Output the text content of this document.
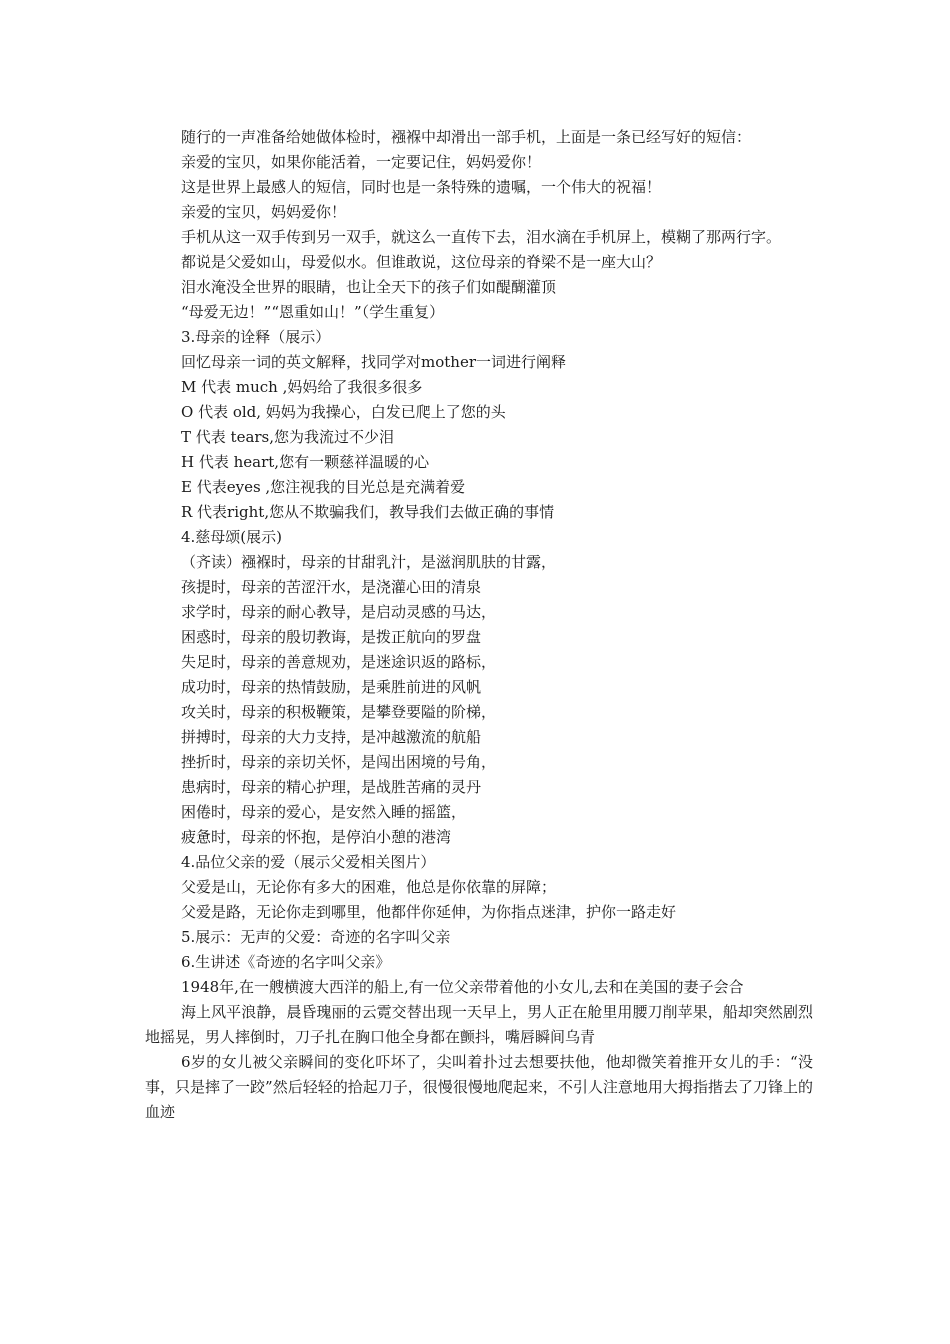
随行的一声准备给她做体检时，襁褓中却滑出一部手机，上面是一条已经写好的短信：

亲爱的宝贝，如果你能活着，一定要记住，妈妈爱你！

这是世界上最感人的短信，同时也是一条特殊的遗嘱，一个伟大的祝福！

亲爱的宝贝，妈妈爱你！

手机从这一双手传到另一双手，就这么一直传下去，泪水滴在手机屏上，模糊了那两行字。

都说是父爱如山，母爱似水。但谁敢说，这位母亲的脊梁不是一座大山？

泪水淹没全世界的眼睛，也让全天下的孩子们如醍醐灌顶

“母爱无边！”“恩重如山！”（学生重复）

3.母亲的诠释（展示）

回忆母亲一词的英文解释，找同学对mother一词进行阐释

M 代表 much ,妈妈给了我很多很多

O 代表 old, 妈妈为我操心，白发已爬上了您的头

T 代表 tears,您为我流过不少泪

H 代表 heart,您有一颗慈祥温暖的心

E 代表eyes ,您注视我的目光总是充满着爱

R 代表right,您从不欺骗我们，教导我们去做正确的事情

4.慈母颂(展示)

（齐读）襁褓时，母亲的甘甜乳汁，是滋润肌肤的甘露，

孩提时，母亲的苦涩汗水，是浇灌心田的清泉

求学时，母亲的耐心教导，是启动灵感的马达，

困惑时，母亲的殷切教诲，是拨正航向的罗盘

失足时，母亲的善意规劝，是迷途识返的路标，

成功时，母亲的热情鼓励，是乘胜前进的风帆

攻关时，母亲的积极鞭策，是攀登要隘的阶梯，

拼搏时，母亲的大力支持，是冲越激流的航船

挫折时，母亲的亲切关怀，是闯出困境的号角，

患病时，母亲的精心护理，是战胜苦痛的灵丹

困倦时，母亲的爱心，是安然入睡的摇篮，

疲惫时，母亲的怀抱，是停泊小憩的港湾

4.品位父亲的爱（展示父爱相关图片）

父爱是山，无论你有多大的困难，他总是你依靠的屏障；

父爱是路，无论你走到哪里，他都伴你延伸，为你指点迷津，护你一路走好

5.展示：无声的父爱：奇迹的名字叫父亲

6.生讲述《奇迹的名字叫父亲》

1948年,在一艘横渡大西洋的船上,有一位父亲带着他的小女儿,去和在美国的妻子会合

海上风平浪静，晨昏瑰丽的云霓交替出现一天早上，男人正在舱里用腰刀削苹果，船却突然剧烈地摇晃，男人摔倒时，刀子扎在胸口他全身都在颤抖，嘴唇瞬间乌青

6岁的女儿被父亲瞬间的变化吓坏了，尖叫着扑过去想要扶他，他却微笑着推开女儿的手：“没事，只是摔了一跤”然后轻轻的拾起刀子，很慢很慢地爬起来，不引人注意地用大拇指揩去了刀锋上的血迹
